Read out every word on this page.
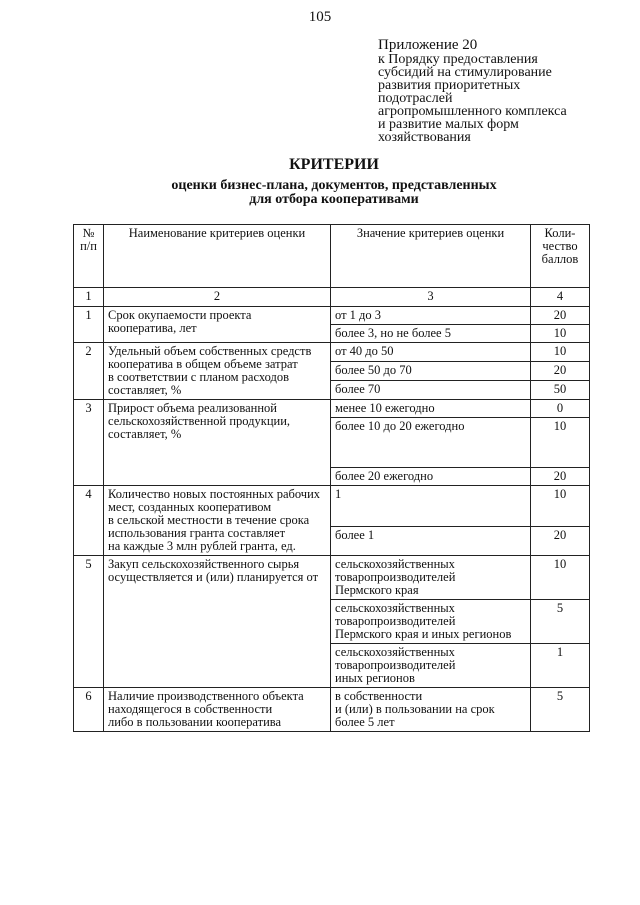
105
Приложение 20
к Порядку предоставления
субсидий на стимулирование
развития приоритетных
подотраслей
агропромышленного комплекса
и развитие малых форм
хозяйствования
КРИТЕРИИ
оценки бизнес-плана, документов, представленных
для отбора кооперативами
№
п/п	Наименование критериев оценки	Значение критериев оценки	Коли-
чество
баллов
1	2	3	4
1	Срок окупаемости проекта
кооператива, лет	от 1 до 3	20
		более 3, но не более 5	10
2	Удельный объем собственных средств
кооператива в общем объеме затрат
в соответствии с планом расходов
составляет, %	от 40 до 50	10
		более 50 до 70	20
		более 70	50
3	Прирост объема реализованной
сельскохозяйственной продукции,
составляет, %	менее 10 ежегодно	0
		более 10 до 20 ежегодно	10
		более 20 ежегодно	20
4	Количество новых постоянных рабочих
мест, созданных кооперативом
в сельской местности в течение срока
использования гранта составляет
на каждые 3 млн рублей гранта, ед.	1	10
		более 1	20
5	Закуп сельскохозяйственного сырья
осуществляется и (или) планируется от	сельскохозяйственных
товаропроизводителей
Пермского края	10
		сельскохозяйственных
товаропроизводителей
Пермского края и иных регионов	5
		сельскохозяйственных
товаропроизводителей
иных регионов	1
6	Наличие производственного объекта
находящегося в собственности
либо в пользовании кооператива	в собственности
и (или) в пользовании на срок
более 5 лет	5
